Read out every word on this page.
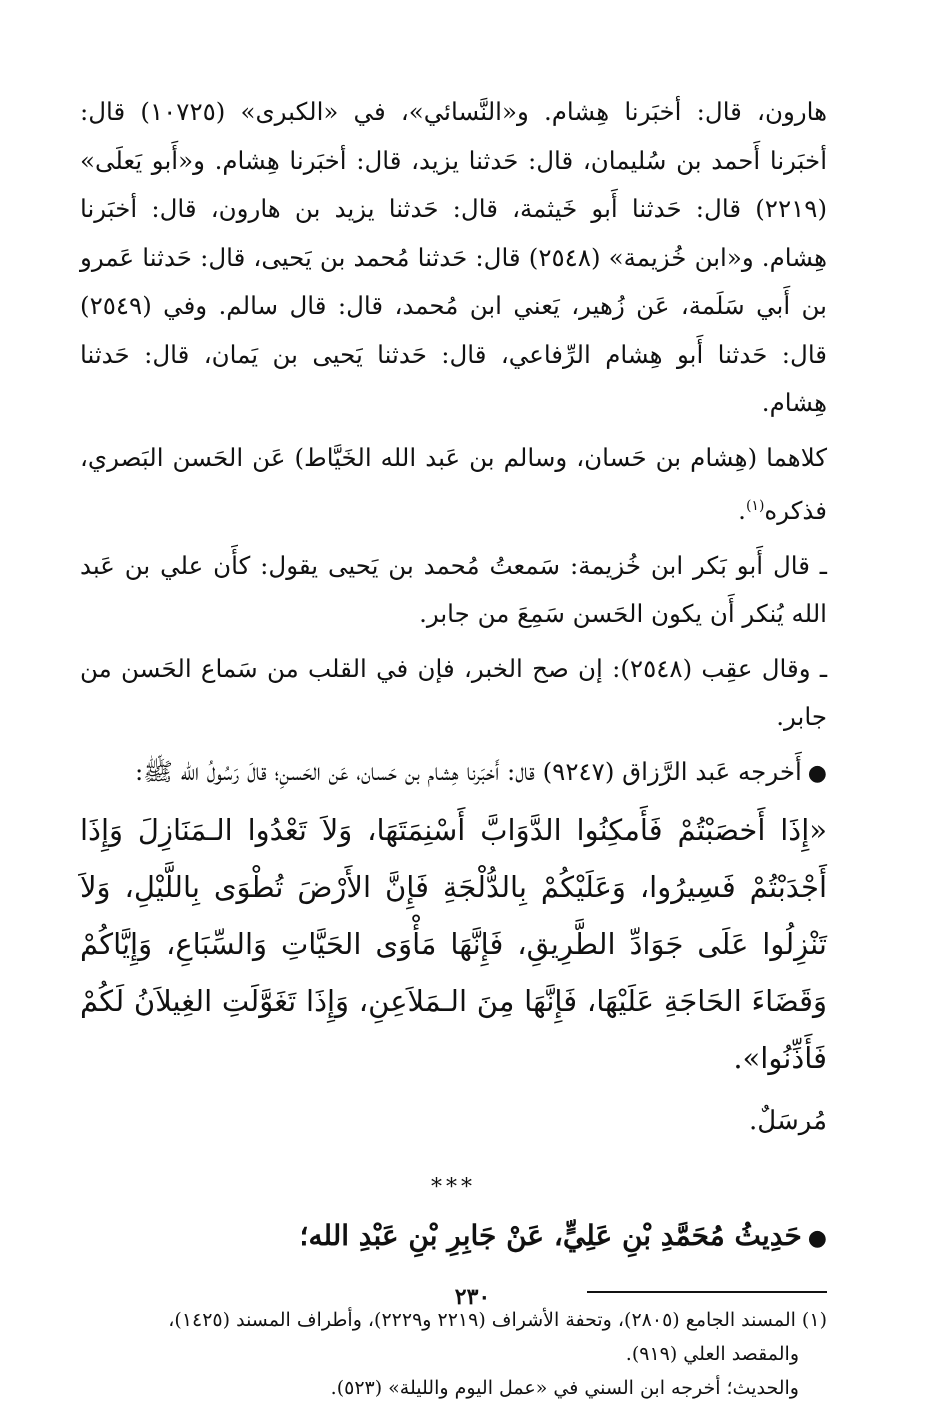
هارون، قال: أخبَرنا هِشام. و«النَّسائي»، في «الكبرى» (١٠٧٢٥) قال: أخبَرنا أَحمد بن سُليمان، قال: حَدثنا يزيد، قال: أخبَرنا هِشام. و«أَبو يَعلَى» (٢٢١٩) قال: حَدثنا أَبو خَيثمة، قال: حَدثنا يزيد بن هارون، قال: أخبَرنا هِشام. و«ابن خُزيمة» (٢٥٤٨) قال: حَدثنا مُحمد بن يَحيى، قال: حَدثنا عَمرو بن أَبي سَلَمة، عَن زُهير، يَعني ابن مُحمد، قال: قال سالم. وفي (٢٥٤٩) قال: حَدثنا أَبو هِشام الرِّفاعي، قال: حَدثنا يَحيى بن يَمان، قال: حَدثنا هِشام.

كلاهما (هِشام بن حَسان، وسالم بن عَبد الله الخَيَّاط) عَن الحَسن البَصري، فذكره$^{(١)}$.

ـ قال أَبو بَكر ابن خُزيمة: سَمعتُ مُحمد بن يَحيى يقول: كأَن علي بن عَبد الله يُنكر أَن يكون الحَسن سَمِعَ من جابر.

ـ وقال عقِب (٢٥٤٨): إن صح الخبر، فإن في القلب من سَماع الحَسن من جابر.

●أَخرجه عَبد الرَّزاق (٩٢٤٧) قال: أَخبَرنا هِشام بن حَسان، عَن الحَسنِ؛ قالَ رَسُولُ الله ﷺ:

«إِذَا أَخصَبْتُمْ فَأَمكِنُوا الدَّوَابَّ أَسْنِمَتَهَا، وَلاَ تَعْدُوا الـمَنَازِلَ وَإِذَا أَجْدَبْتُمْ فَسِيرُوا، وَعَلَيْكُمْ بِالدُّلْجَةِ فَإِنَّ الأَرْضَ تُطْوَى بِاللَّيْلِ، وَلاَ تَنْزِلُوا عَلَى جَوَادِّ الطَّرِيقِ، فَإِنَّهَا مَأْوَى الحَيَّاتِ وَالسِّبَاعِ، وَإِيَّاكُمْ وَقَضَاءَ الحَاجَةِ عَلَيْهَا، فَإِنَّهَا مِنَ الـمَلاَعِنِ، وَإِذَا تَغَوَّلَتِ الغِيلاَنُ لَكُمْ فَأَذِّنُوا».

مُرسَلٌ.

***
●حَدِيثُ مُحَمَّدِ بْنِ عَلِيٍّ، عَنْ جَابِرِ بْنِ عَبْدِ الله؛

(١) المسند الجامع (٢٨٠٥)، وتحفة الأشراف (٢٢١٩ و٢٢٢٩)، وأطراف المسند (١٤٢٥)،

والمقصد العلي (٩١٩).

والحديث؛ أخرجه ابن السني في «عمل اليوم والليلة» (٥٢٣).

٢٣٠
